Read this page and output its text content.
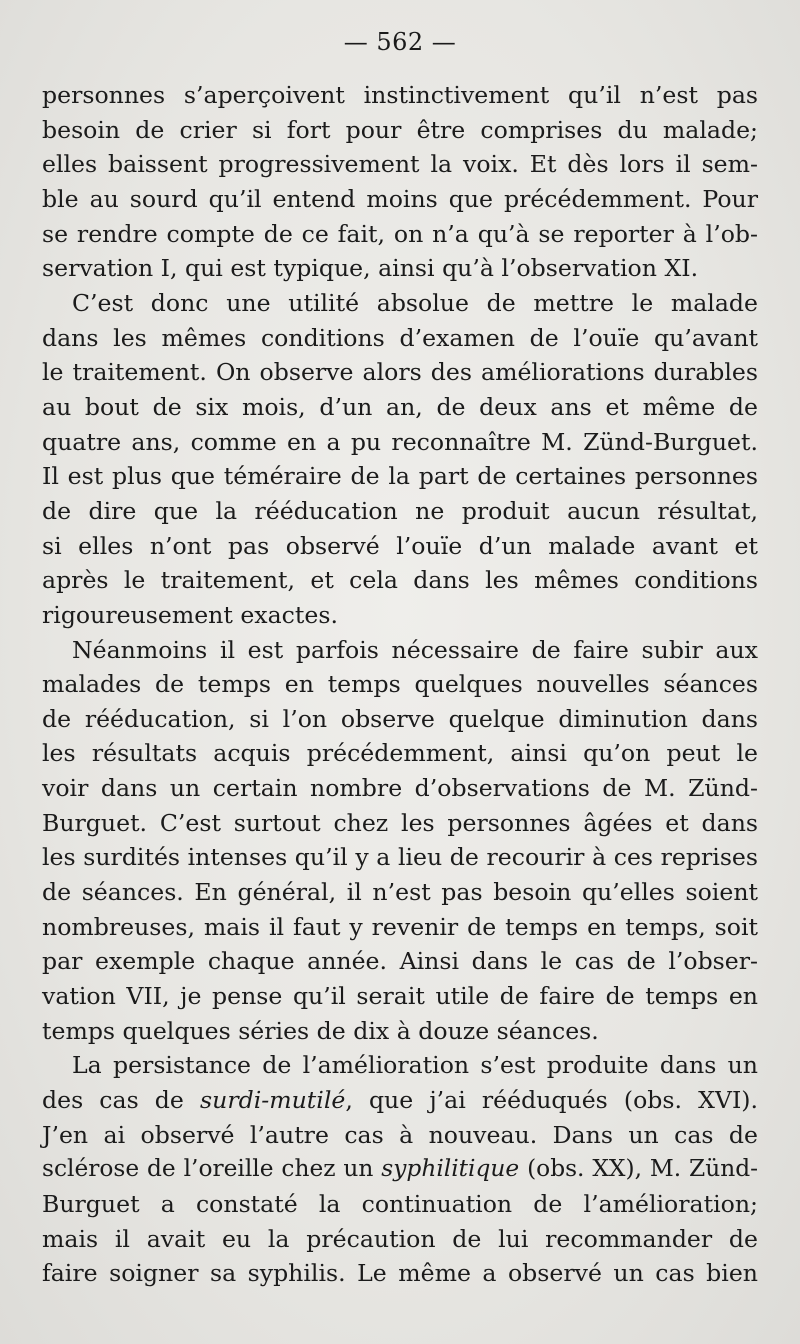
— 562 —

personnes s’aperçoivent instinctivement qu’il n’est pas
besoin de crier si fort pour être comprises du malade;
elles baissent progressivement la voix. Et dès lors il sem-
ble au sourd qu’il entend moins que précédemment. Pour
se rendre compte de ce fait, on n’a qu’à se reporter à l’ob-
servation I, qui est typique, ainsi qu’à l’observation XI.

C’est donc une utilité absolue de mettre le malade
dans les mêmes conditions d’examen de l’ouïe qu’avant
le traitement. On observe alors des améliorations durables
au bout de six mois, d’un an, de deux ans et même de
quatre ans, comme en a pu reconnaître M. Zünd-Burguet.
Il est plus que téméraire de la part de certaines personnes
de dire que la rééducation ne produit aucun résultat,
si elles n’ont pas observé l’ouïe d’un malade avant et
après le traitement, et cela dans les mêmes conditions
rigoureusement exactes.

Néanmoins il est parfois nécessaire de faire subir aux
malades de temps en temps quelques nouvelles séances
de rééducation, si l’on observe quelque diminution dans
les résultats acquis précédemment, ainsi qu’on peut le
voir dans un certain nombre d’observations de M. Zünd-
Burguet. C’est surtout chez les personnes âgées et dans
les surdités intenses qu’il y a lieu de recourir à ces reprises
de séances. En général, il n’est pas besoin qu’elles soient
nombreuses, mais il faut y revenir de temps en temps, soit
par exemple chaque année. Ainsi dans le cas de l’obser-
vation VII, je pense qu’il serait utile de faire de temps en
temps quelques séries de dix à douze séances.

La persistance de l’amélioration s’est produite dans un
des cas de surdi-mutilé, que j’ai rééduqués (obs. XVI).
J’en ai observé l’autre cas à nouveau. Dans un cas de
sclérose de l’oreille chez un syphilitique (obs. XX), M. Zünd-
Burguet a constaté la continuation de l’amélioration;
mais il avait eu la précaution de lui recommander de
faire soigner sa syphilis. Le même a observé un cas bien
